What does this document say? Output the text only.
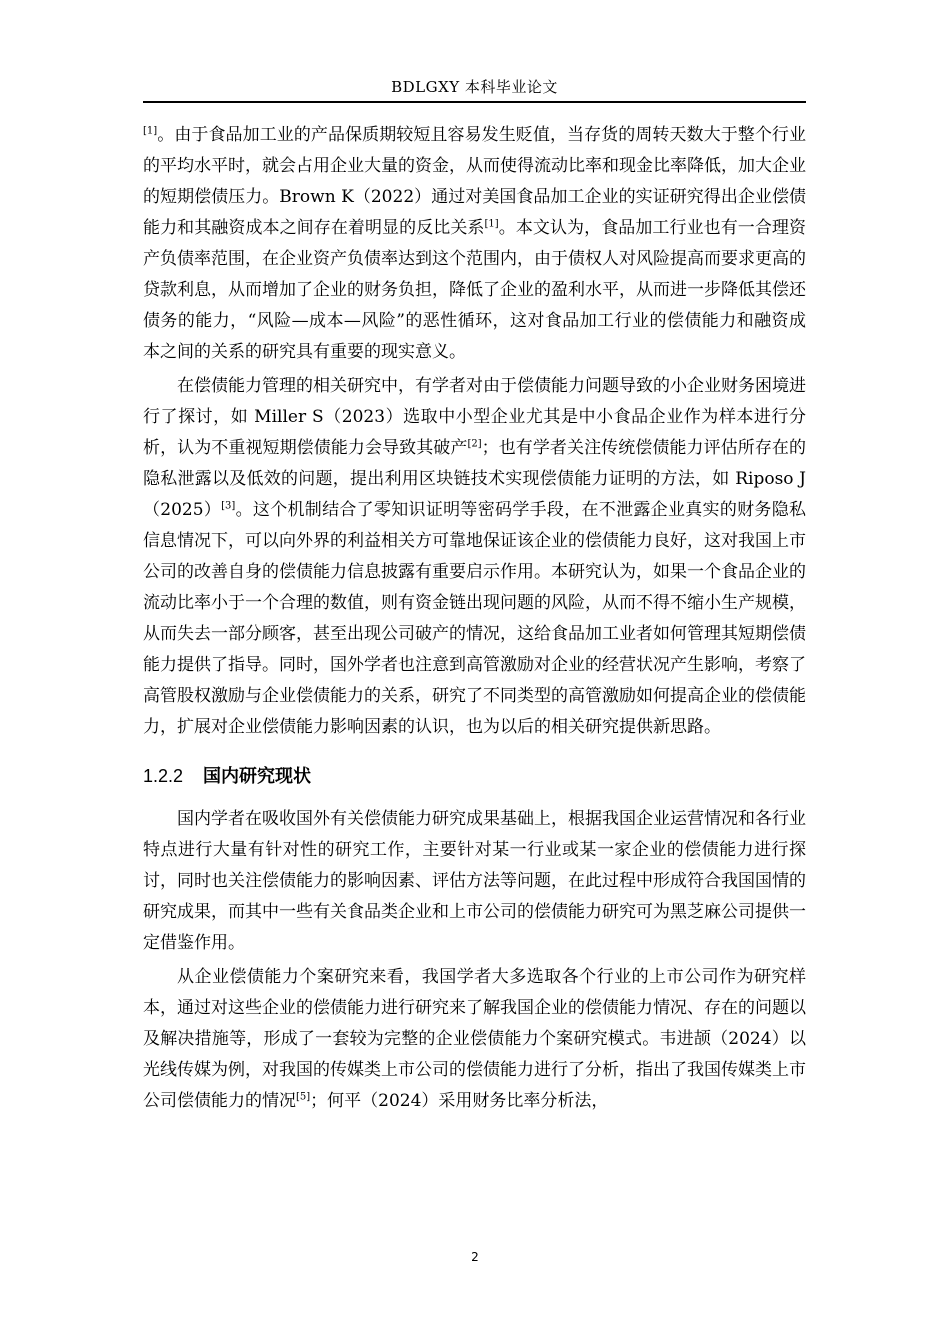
BDLGXY 本科毕业论文

[1]。由于食品加工业的产品保质期较短且容易发生贬值，当存货的周转天数大于整个行业的平均水平时，就会占用企业大量的资金，从而使得流动比率和现金比率降低，加大企业的短期偿债压力。Brown K（2022）通过对美国食品加工企业的实证研究得出企业偿债能力和其融资成本之间存在着明显的反比关系[1]。本文认为，食品加工行业也有一合理资产负债率范围，在企业资产负债率达到这个范围内，由于债权人对风险提高而要求更高的贷款利息，从而增加了企业的财务负担，降低了企业的盈利水平，从而进一步降低其偿还债务的能力，“风险—成本—风险”的恶性循环，这对食品加工行业的偿债能力和融资成本之间的关系的研究具有重要的现实意义。

在偿债能力管理的相关研究中，有学者对由于偿债能力问题导致的小企业财务困境进行了探讨，如 Miller S（2023）选取中小型企业尤其是中小食品企业作为样本进行分析，认为不重视短期偿债能力会导致其破产[2]；也有学者关注传统偿债能力评估所存在的隐私泄露以及低效的问题，提出利用区块链技术实现偿债能力证明的方法，如 Riposo J（2025）[3]。这个机制结合了零知识证明等密码学手段，在不泄露企业真实的财务隐私信息情况下，可以向外界的利益相关方可靠地保证该企业的偿债能力良好，这对我国上市公司的改善自身的偿债能力信息披露有重要启示作用。本研究认为，如果一个食品企业的流动比率小于一个合理的数值，则有资金链出现问题的风险，从而不得不缩小生产规模，从而失去一部分顾客，甚至出现公司破产的情况，这给食品加工业者如何管理其短期偿债能力提供了指导。同时，国外学者也注意到高管激励对企业的经营状况产生影响，考察了高管股权激励与企业偿债能力的关系，研究了不同类型的高管激励如何提高企业的偿债能力，扩展对企业偿债能力影响因素的认识，也为以后的相关研究提供新思路。

1.2.2 国内研究现状

国内学者在吸收国外有关偿债能力研究成果基础上，根据我国企业运营情况和各行业特点进行大量有针对性的研究工作，主要针对某一行业或某一家企业的偿债能力进行探讨，同时也关注偿债能力的影响因素、评估方法等问题，在此过程中形成符合我国国情的研究成果，而其中一些有关食品类企业和上市公司的偿债能力研究可为黑芝麻公司提供一定借鉴作用。

从企业偿债能力个案研究来看，我国学者大多选取各个行业的上市公司作为研究样本，通过对这些企业的偿债能力进行研究来了解我国企业的偿债能力情况、存在的问题以及解决措施等，形成了一套较为完整的企业偿债能力个案研究模式。韦进颉（2024）以光线传媒为例，对我国的传媒类上市公司的偿债能力进行了分析，指出了我国传媒类上市公司偿债能力的情况[5]；何平（2024）采用财务比率分析法，

2
